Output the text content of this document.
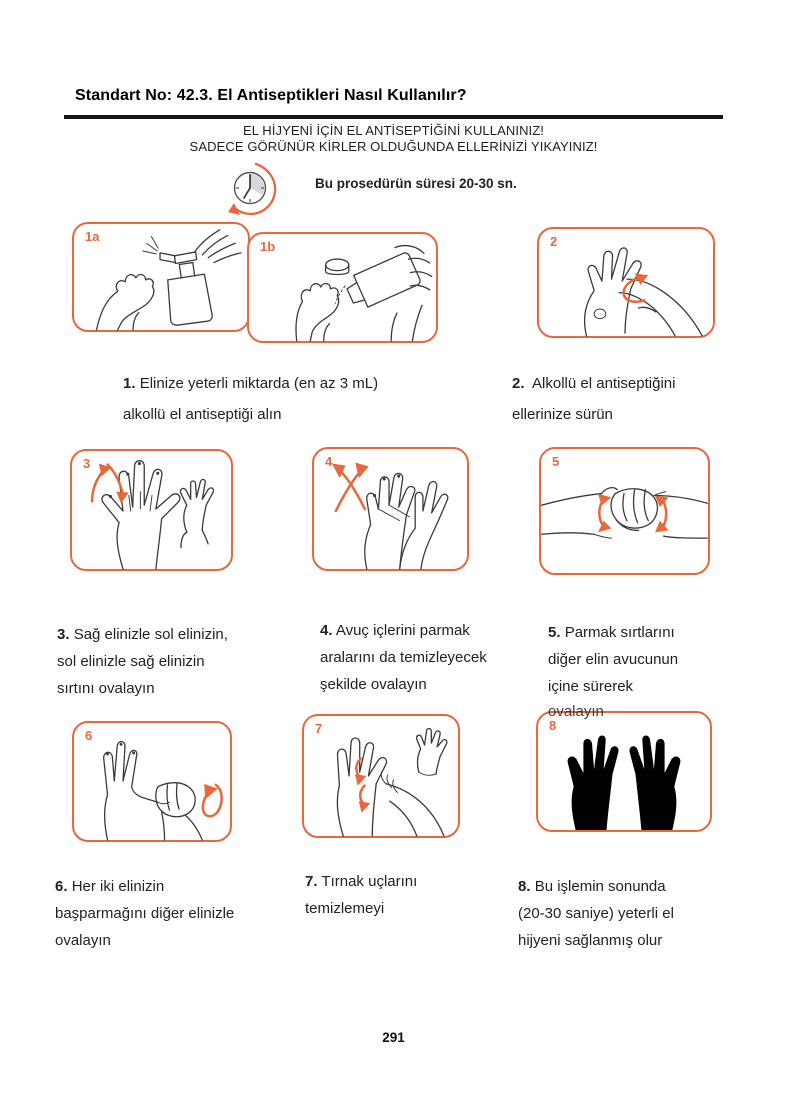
Standart No: 42.3. El Antiseptikleri Nasıl Kullanılır?
EL HİJYENİ İÇİN EL ANTİSEPTİĞİNİ KULLANINIZ!
SADECE GÖRÜNÜR KİRLER OLDUĞUNDA ELLERİNİZİ YIKAYINIZ!
Bu prosedürün süresi 20-30 sn.
1a
1b	2
3	4	5
6	7	8
1. Elinize yeterli miktarda (en az 3 mL)
alkollü el antiseptiği alın
2. Alkollü el antiseptiğini
ellerinize sürün
3. Sağ elinizle sol elinizin,
sol elinizle sağ elinizin
sırtını ovalayın
4. Avuç içlerini parmak
aralarını da temizleyecek
şekilde ovalayın
5. Parmak sırtlarını
diğer elin avucunun
içine sürerek
6. Her iki elinizin
başparmağını diğer elinizle
ovalayın
7. Tırnak uçlarını
temizlemeyi
8. Bu işlemin sonunda
(20-30 saniye) yeterli el
hijyeni sağlanmış olur
291
